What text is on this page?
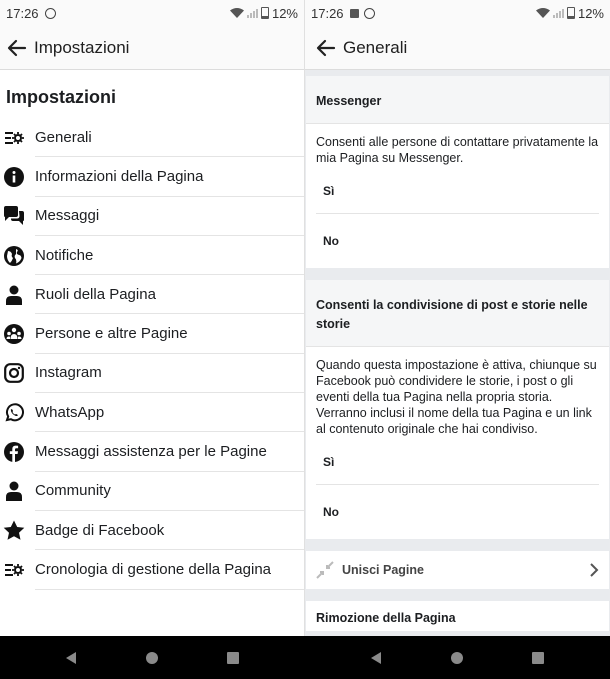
17:26	12%
Impostazioni
Impostazioni
Generali
Informazioni della Pagina
Messaggi
Notifiche
Ruoli della Pagina
Persone e altre Pagine
Instagram
WhatsApp
Messaggi assistenza per le Pagine
Community
Badge di Facebook
Cronologia di gestione della Pagina
17:26	12%
Generali
Messenger
Consenti alle persone di contattare privatamente la mia Pagina su Messenger.
Sì
No
Consenti la condivisione di post e storie nelle storie
Quando questa impostazione è attiva, chiunque su Facebook può condividere le storie, i post o gli eventi della tua Pagina nella propria storia. Verranno inclusi il nome della tua Pagina e un link al contenuto originale che hai condiviso.
Sì
No
Unisci Pagine
Rimozione della Pagina
